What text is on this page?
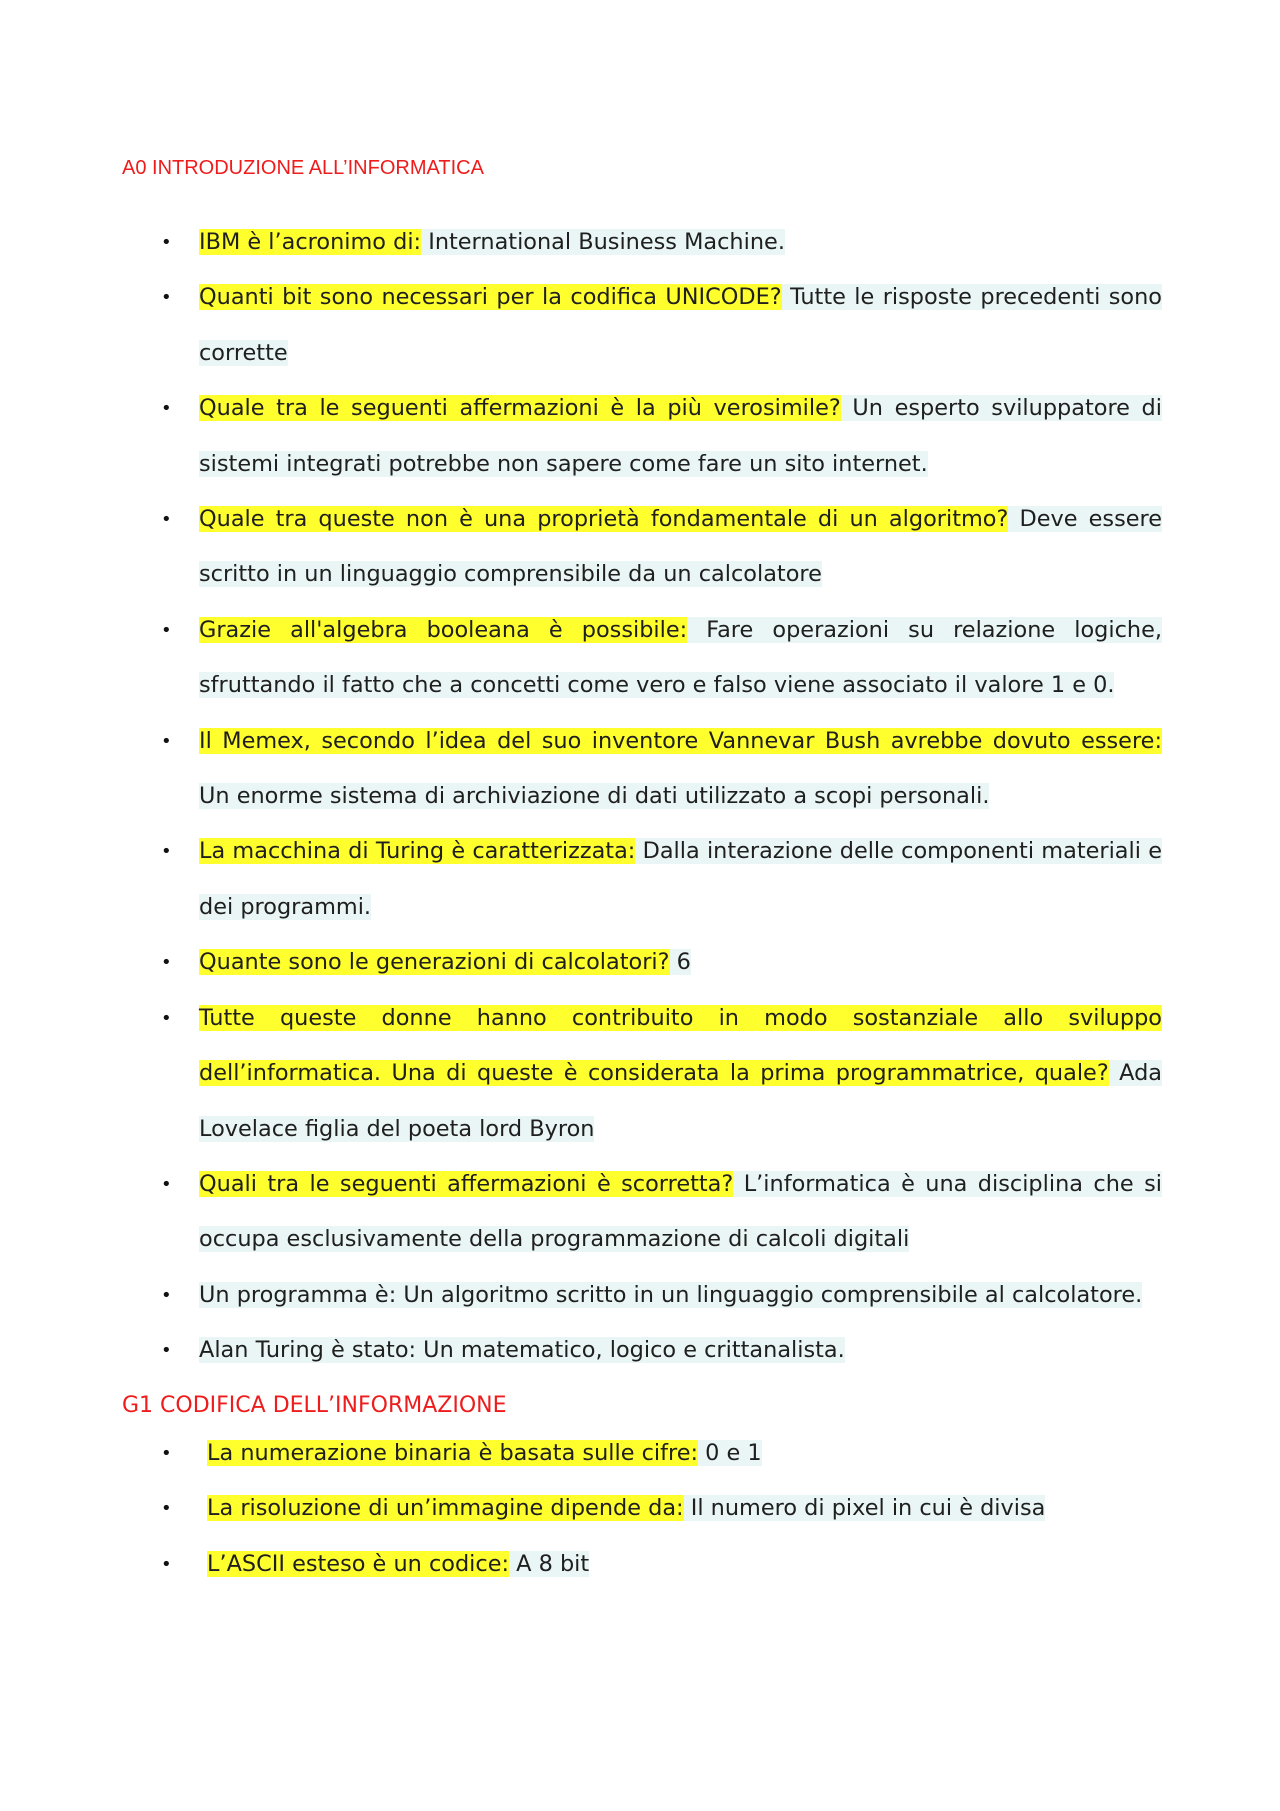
A0 INTRODUZIONE ALL’INFORMATICA
• IBM è l’acronimo di: International Business Machine.
• Quanti bit sono necessari per la codifica UNICODE? Tutte le risposte precedenti sono corrette
• Quale tra le seguenti affermazioni è la più verosimile? Un esperto sviluppatore di sistemi integrati potrebbe non sapere come fare un sito internet.
• Quale tra queste non è una proprietà fondamentale di un algoritmo? Deve essere scritto in un linguaggio comprensibile da un calcolatore
• Grazie all'algebra booleana è possibile: Fare operazioni su relazione logiche, sfruttando il fatto che a concetti come vero e falso viene associato il valore 1 e 0.
• Il Memex, secondo l’idea del suo inventore Vannevar Bush avrebbe dovuto essere: Un enorme sistema di archiviazione di dati utilizzato a scopi personali.
• La macchina di Turing è caratterizzata: Dalla interazione delle componenti materiali e dei programmi.
• Quante sono le generazioni di calcolatori? 6
• Tutte queste donne hanno contribuito in modo sostanziale allo sviluppo dell’informatica. Una di queste è considerata la prima programmatrice, quale? Ada Lovelace figlia del poeta lord Byron
• Quali tra le seguenti affermazioni è scorretta? L’informatica è una disciplina che si occupa esclusivamente della programmazione di calcoli digitali
• Un programma è: Un algoritmo scritto in un linguaggio comprensibile al calcolatore.
• Alan Turing è stato: Un matematico, logico e crittanalista.
G1 CODIFICA DELL’INFORMAZIONE
• La numerazione binaria è basata sulle cifre: 0 e 1
• La risoluzione di un’immagine dipende da: Il numero di pixel in cui è divisa
• L’ASCII esteso è un codice: A 8 bit
